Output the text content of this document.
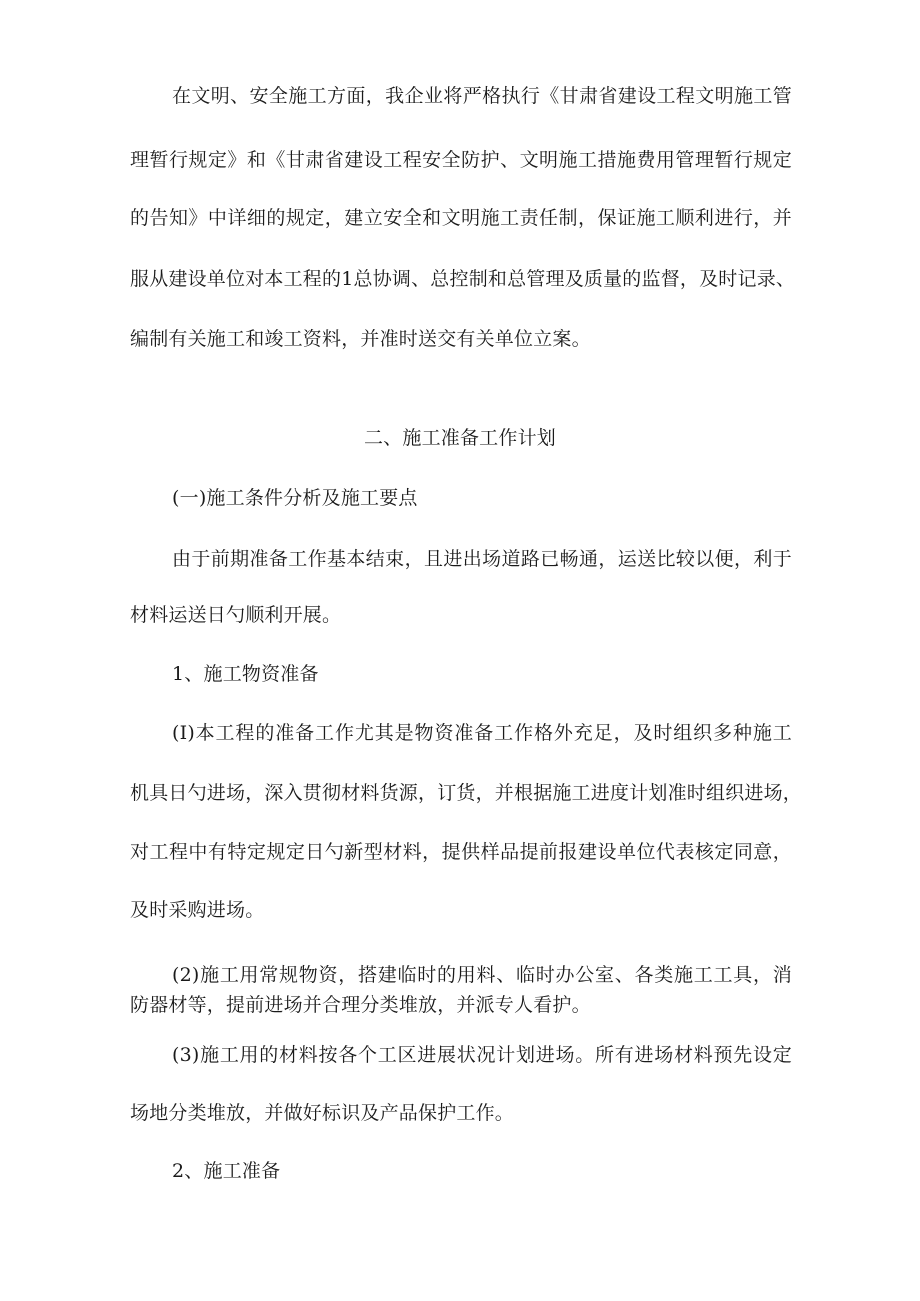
在文明、安全施工方面，我企业将严格执行《甘肃省建设工程文明施工管
理暂行规定》和《甘肃省建设工程安全防护、文明施工措施费用管理暂行规定
的告知》中详细的规定，建立安全和文明施工责任制，保证施工顺利进行，并
服从建设单位对本工程的1总协调、总控制和总管理及质量的监督，及时记录、
编制有关施工和竣工资料，并准时送交有关单位立案。
二、施工准备工作计划
(一)施工条件分析及施工要点
由于前期准备工作基本结束，且进出场道路已畅通，运送比较以便，利于
材料运送日勺顺利开展。
1、施工物资准备
(I)本工程的准备工作尤其是物资准备工作格外充足，及时组织多种施工
机具日勺进场，深入贯彻材料货源，订货，并根据施工进度计划准时组织进场，
对工程中有特定规定日勺新型材料，提供样品提前报建设单位代表核定同意，
及时采购进场。
(2)施工用常规物资，搭建临时的用料、临时办公室、各类施工工具，消
防器材等，提前进场并合理分类堆放，并派专人看护。
(3)施工用的材料按各个工区进展状况计划进场。所有进场材料预先设定
场地分类堆放，并做好标识及产品保护工作。
2、施工准备
